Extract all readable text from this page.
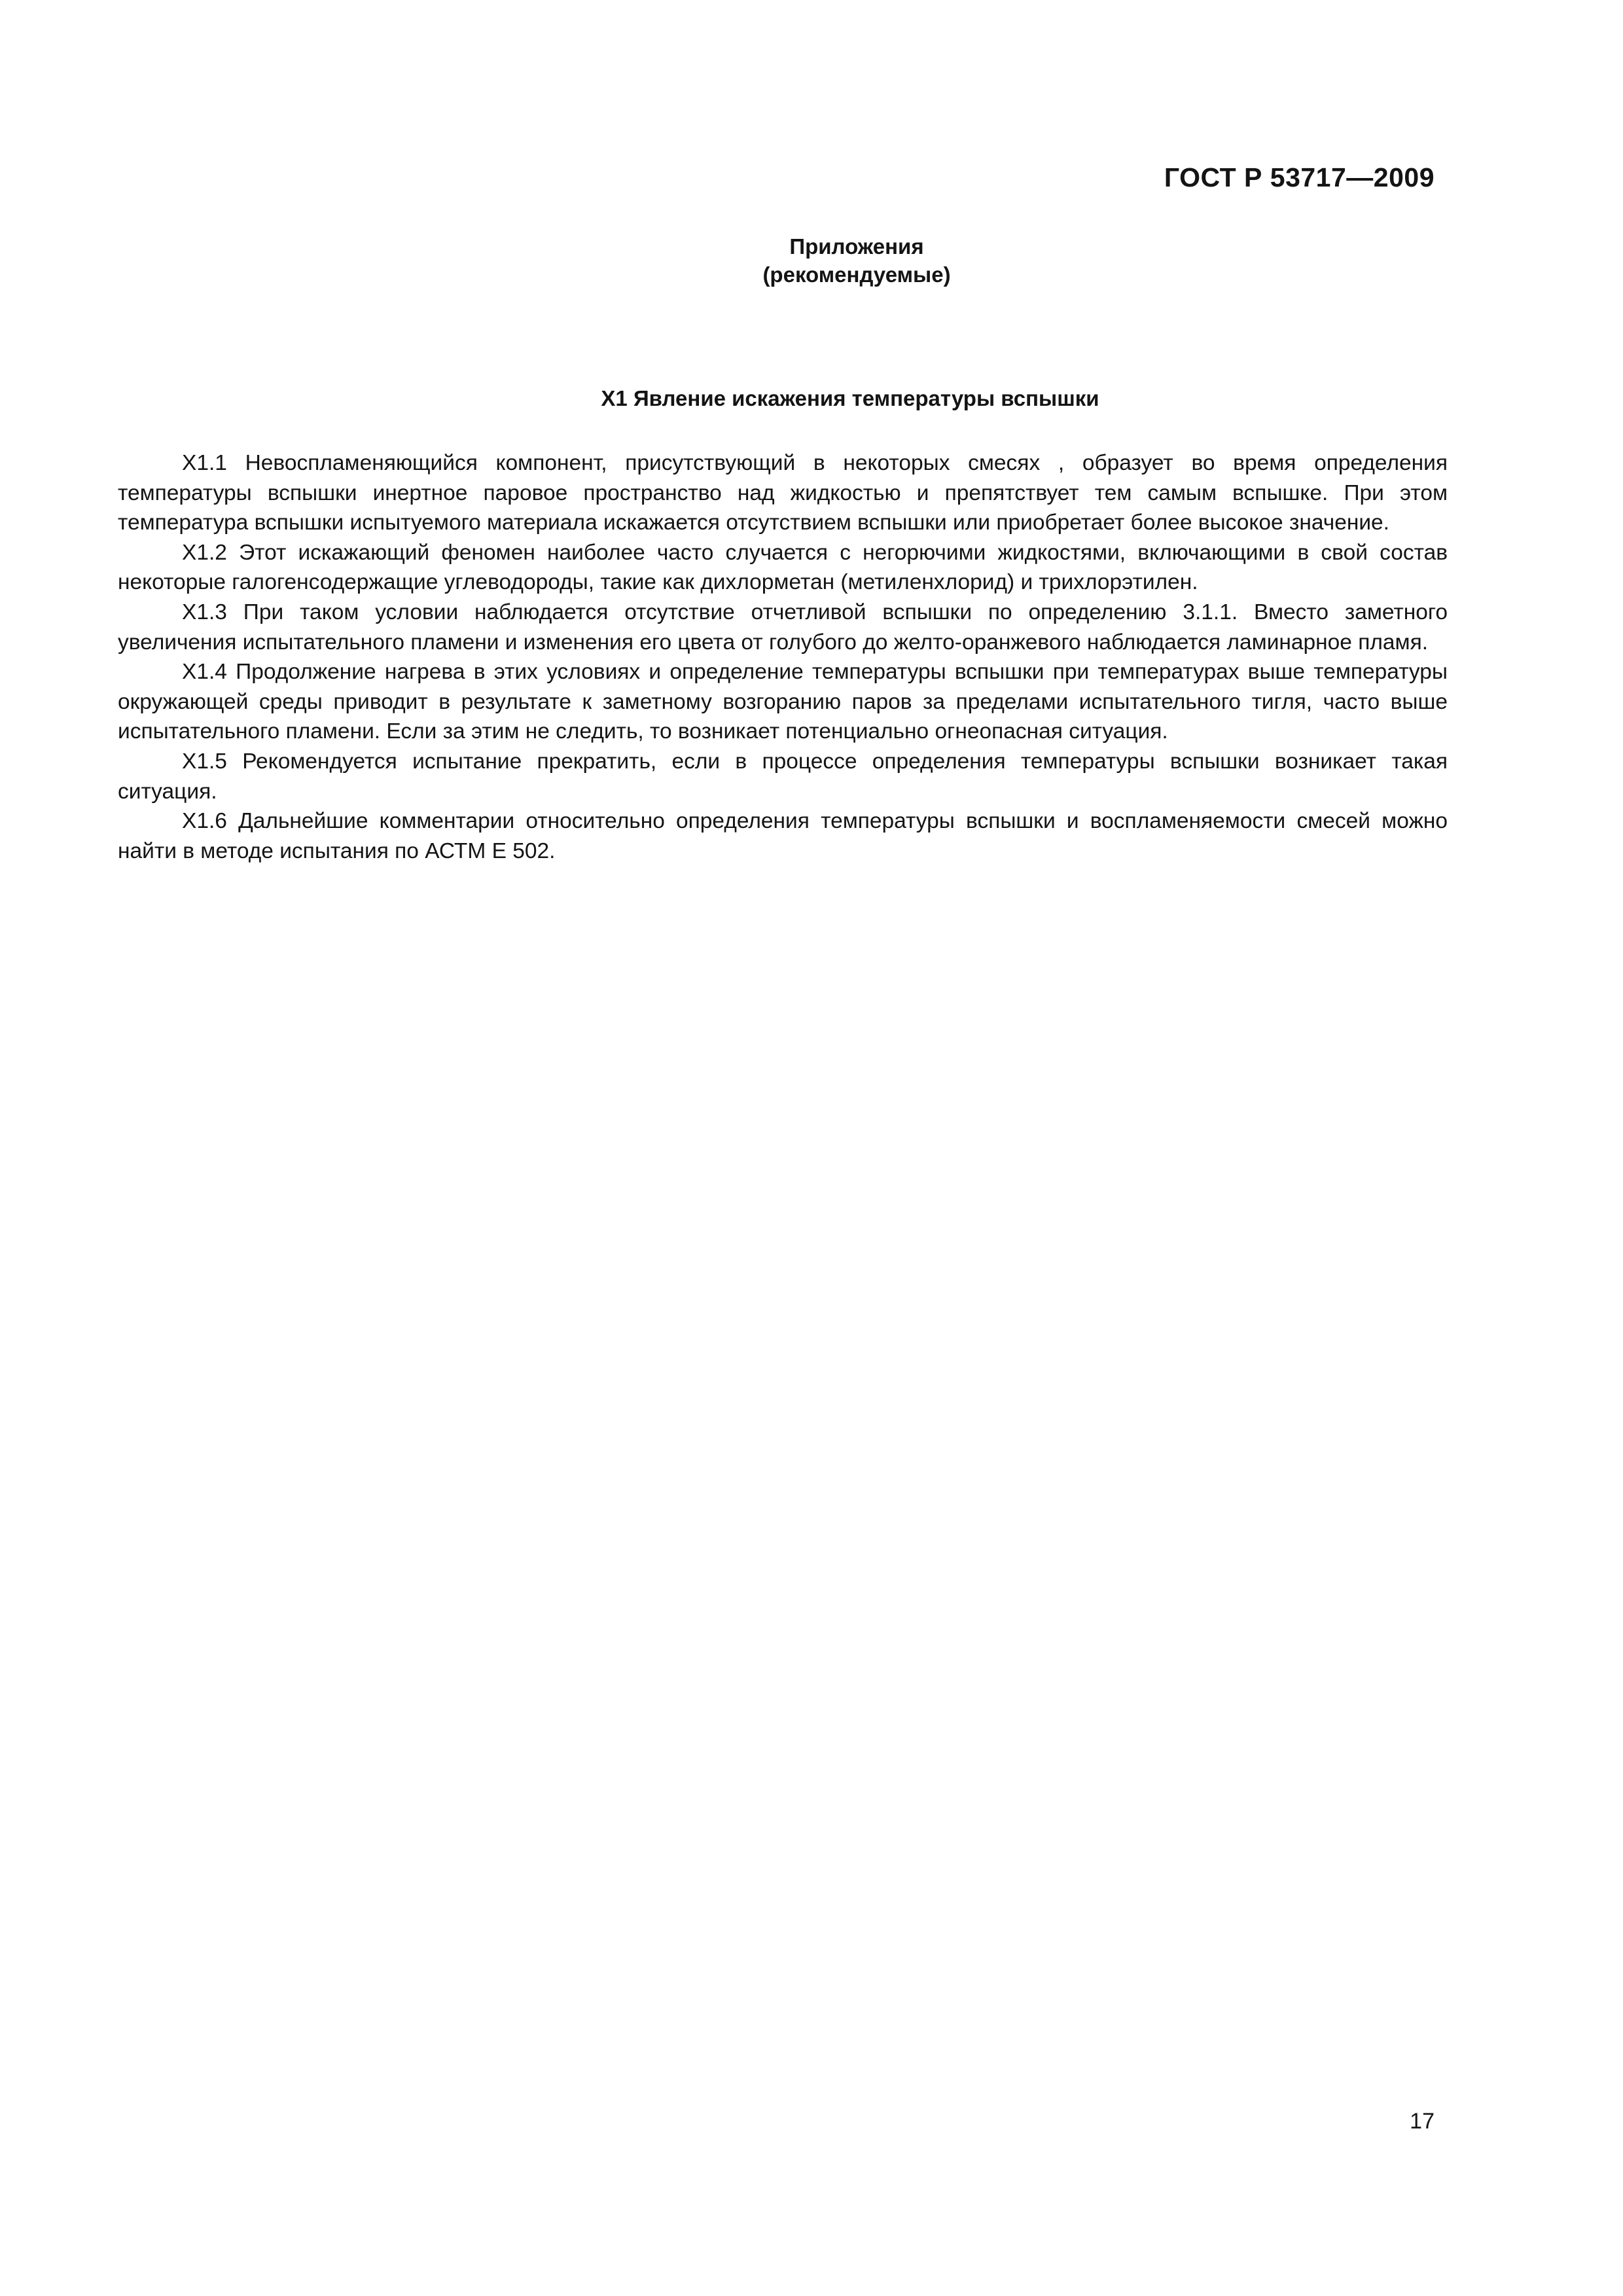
ГОСТ Р 53717—2009
Приложения
(рекомендуемые)
X1 Явление искажения температуры вспышки

X1.1 Невоспламеняющийся компонент, присутствующий в некоторых смесях , образует во время определения температуры вспышки инертное паровое пространство над жидкостью и препятствует тем самым вспышке. При этом температура вспышки испытуемого материала искажается отсутствием вспышки или приобретает более высокое значение.

X1.2 Этот искажающий феномен наиболее часто случается с негорючими жидкостями, включающими в свой состав некоторые галогенсодержащие углеводороды, такие как дихлорметан (метиленхлорид) и трихлорэтилен.

X1.3 При таком условии наблюдается отсутствие отчетливой вспышки по определению 3.1.1. Вместо заметного увеличения испытательного пламени и изменения его цвета от голубого до желто-оранжевого наблюдается ламинарное пламя.

X1.4 Продолжение нагрева в этих условиях и определение температуры вспышки при температурах выше температуры окружающей среды приводит в результате к заметному возгоранию паров за пределами испытательного тигля, часто выше испытательного пламени. Если за этим не следить, то возникает потенциально огнеопасная ситуация.

X1.5 Рекомендуется испытание прекратить, если в процессе определения температуры вспышки возникает такая ситуация.

X1.6 Дальнейшие комментарии относительно определения температуры вспышки и воспламеняемости смесей можно найти в методе испытания по АСТМ Е 502.

17
